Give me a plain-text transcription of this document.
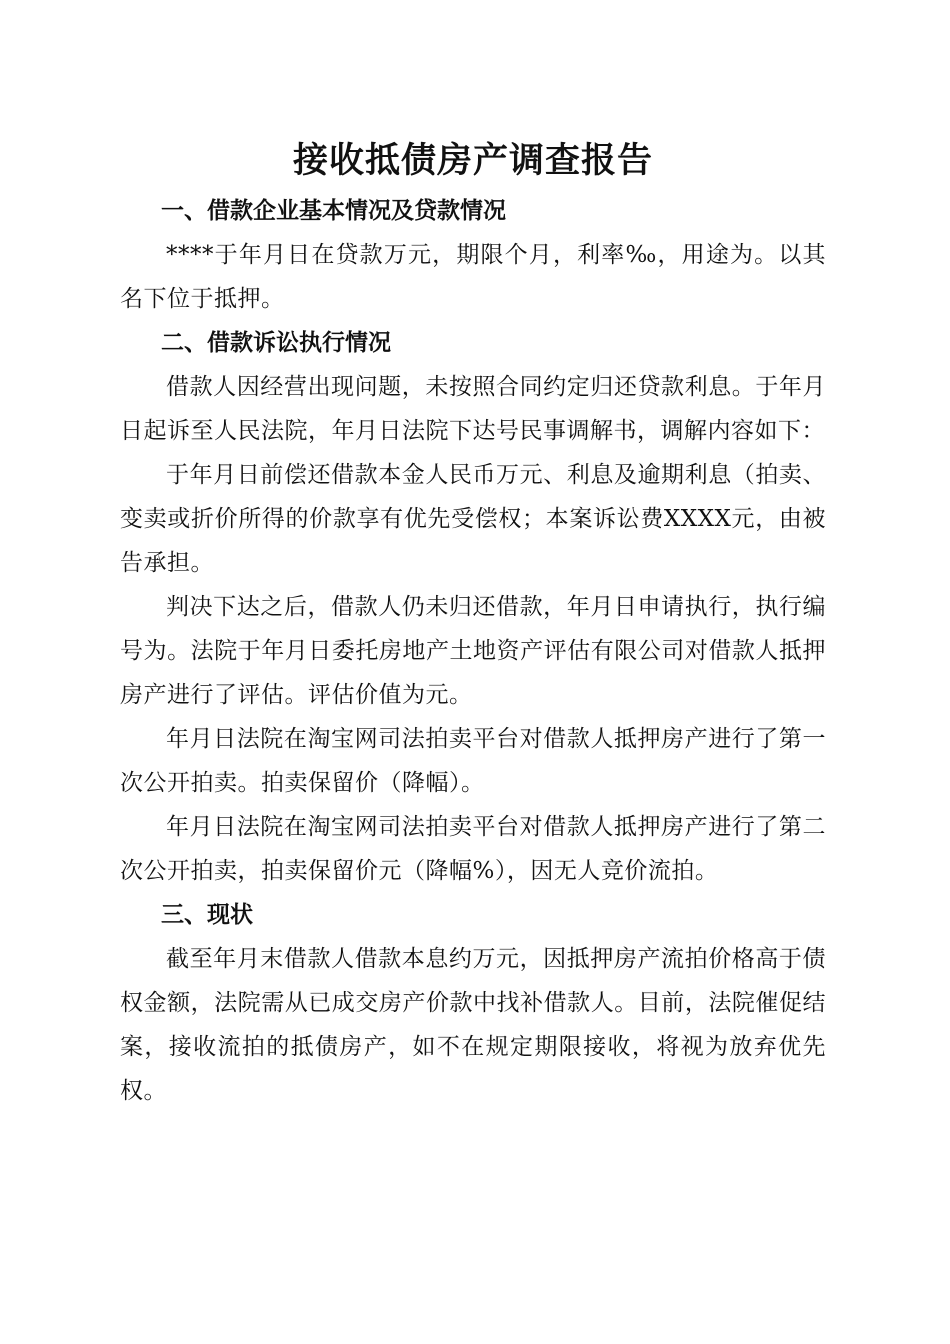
接收抵债房产调查报告
一、借款企业基本情况及贷款情况

****于年月日在贷款万元，期限个月，利率‰，用途为。以其名下位于抵押。

二、借款诉讼执行情况

借款人因经营出现问题，未按照合同约定归还贷款利息。于年月日起诉至人民法院，年月日法院下达号民事调解书，调解内容如下：

于年月日前偿还借款本金人民币万元、利息及逾期利息（拍卖、变卖或折价所得的价款享有优先受偿权；本案诉讼费XXXX元，由被告承担。

判决下达之后，借款人仍未归还借款，年月日申请执行，执行编号为。法院于年月日委托房地产土地资产评估有限公司对借款人抵押房产进行了评估。评估价值为元。

年月日法院在淘宝网司法拍卖平台对借款人抵押房产进行了第一次公开拍卖。拍卖保留价（降幅）。

年月日法院在淘宝网司法拍卖平台对借款人抵押房产进行了第二次公开拍卖，拍卖保留价元（降幅%），因无人竞价流拍。

三、现状

截至年月末借款人借款本息约万元，因抵押房产流拍价格高于债权金额，法院需从已成交房产价款中找补借款人。目前，法院催促结案，接收流拍的抵债房产，如不在规定期限接收，将视为放弃优先权。
